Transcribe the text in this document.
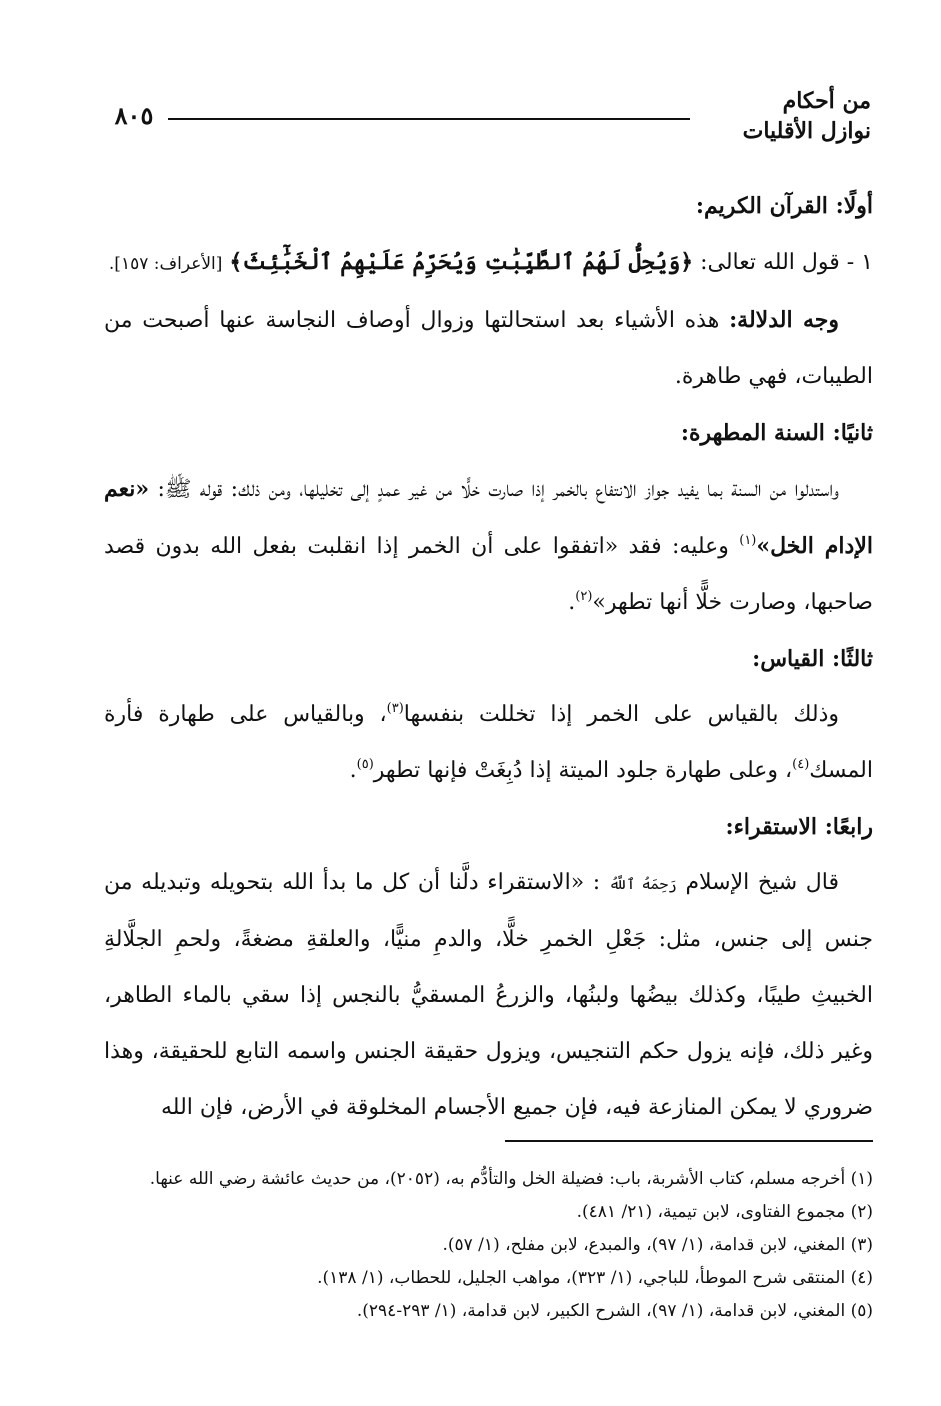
من أحكام
نوازل الأقليات
٨٠٥

أولًا: القرآن الكريم:

١ - قول الله تعالى: ﴿وَيُحِلُّ لَهُمُ ٱلطَّيِّبَٰتِ وَيُحَرِّمُ عَلَيْهِمُ ٱلْخَبَٰٓئِثَ﴾ [الأعراف: ١٥٧].

وجه الدلالة: هذه الأشياء بعد استحالتها وزوال أوصاف النجاسة عنها أصبحت من الطيبات، فهي طاهرة.

ثانيًا: السنة المطهرة:

واستدلوا من السنة بما يفيد جواز الانتفاع بالخمر إذا صارت خلًّا من غير عمدٍ إلى تخليلها، ومن ذلك: قوله ﷺ: «نعم الإدام الخل»$^{(١)}$ وعليه: فقد «اتفقوا على أن الخمر إذا انقلبت بفعل الله بدون قصد صاحبها، وصارت خلًّا أنها تطهر»$^{(٢)}$.

ثالثًا: القياس:

وذلك بالقياس على الخمر إذا تخللت بنفسها$^{(٣)}$، وبالقياس على طهارة فأرة المسك$^{(٤)}$، وعلى طهارة جلود الميتة إذا دُبِغَتْ فإنها تطهر$^{(٥)}$.

رابعًا: الاستقراء:

قال شيخ الإسلام رَحِمَهُ ٱللَّهُ : «الاستقراء دلَّنا أن كل ما بدأ الله بتحويله وتبديله من جنس إلى جنس، مثل: جَعْلِ الخمرِ خلًّا، والدمِ منيًّا، والعلقةِ مضغةً، ولحمِ الجلَّالةِ الخبيثِ طيبًا، وكذلك بيضُها ولبنُها، والزرعُ المسقيُّ بالنجس إذا سقي بالماء الطاهر، وغير ذلك، فإنه يزول حكم التنجيس، ويزول حقيقة الجنس واسمه التابع للحقيقة، وهذا ضروري لا يمكن المنازعة فيه، فإن جميع الأجسام المخلوقة في الأرض، فإن الله

(١) أخرجه مسلم، كتاب الأشربة، باب: فضيلة الخل والتأدُّم به، (٢٠٥٢)، من حديث عائشة رضي الله عنها.

(٢) مجموع الفتاوى، لابن تيمية، (٢١/ ٤٨١).

(٣) المغني، لابن قدامة، (١/ ٩٧)، والمبدع، لابن مفلح، (١/ ٥٧).

(٤) المنتقى شرح الموطأ، للباجي، (١/ ٣٢٣)، مواهب الجليل، للحطاب، (١/ ١٣٨).

(٥) المغني، لابن قدامة، (١/ ٩٧)، الشرح الكبير، لابن قدامة، (١/ ٢٩٣-٢٩٤).
